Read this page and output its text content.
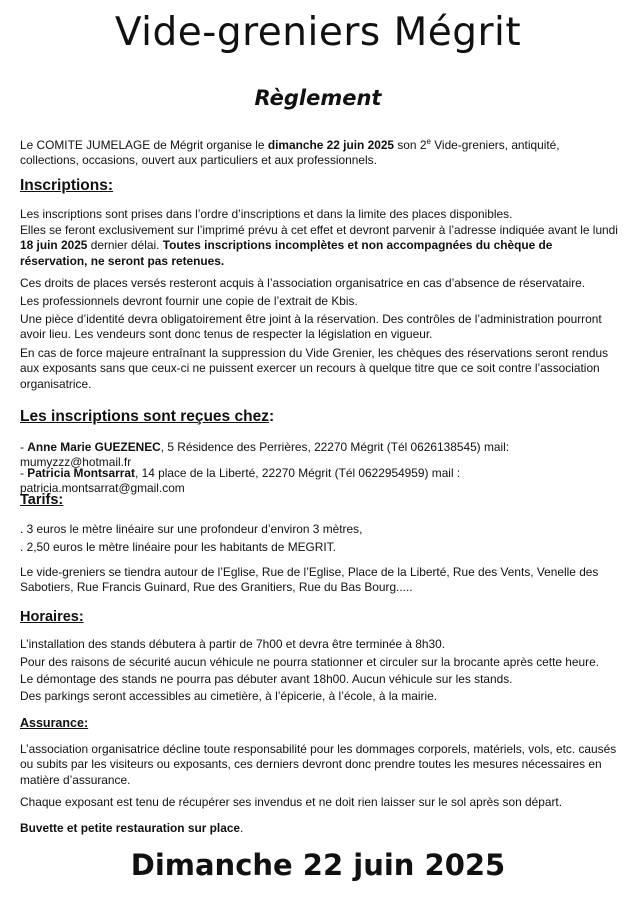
Vide-greniers Mégrit
Règlement

Le COMITE JUMELAGE de Mégrit organise le dimanche 22 juin 2025 son 2e Vide-greniers, antiquité, collections, occasions, ouvert aux particuliers et aux professionnels.

Inscriptions:

Les inscriptions sont prises dans l’ordre d’inscriptions et dans la limite des places disponibles.

Elles se feront exclusivement sur l’imprimé prévu à cet effet et devront parvenir à l’adresse indiquée avant le lundi 18 juin 2025 dernier délai. Toutes inscriptions incomplètes et non accompagnées du chèque de réservation, ne seront pas retenues.

Ces droits de places versés resteront acquis à l’association organisatrice en cas d’absence de réservataire.

Les professionnels devront fournir une copie de l’extrait de Kbis.

Une pièce d’identité devra obligatoirement être joint à la réservation. Des contrôles de l’administration pourront avoir lieu. Les vendeurs sont donc tenus de respecter la législation en vigueur.

En cas de force majeure entraînant la suppression du Vide Grenier, les chèques des réservations seront rendus aux exposants sans que ceux-ci ne puissent exercer un recours à quelque titre que ce soit contre l’association organisatrice.

Les inscriptions sont reçues chez:

- Anne Marie GUEZENEC, 5 Résidence des Perrières, 22270 Mégrit (Tél 0626138545) mail: mumyzzz@hotmail.fr

- Patricia Montsarrat, 14 place de la Liberté, 22270 Mégrit (Tél 0622954959) mail : patricia.montsarrat@gmail.com

Tarifs:

. 3 euros le mètre linéaire sur une profondeur d’environ 3 mètres,

. 2,50 euros le mètre linéaire pour les habitants de MEGRIT.

Le vide-greniers se tiendra autour de l’Eglise, Rue de l’Eglise, Place de la Liberté, Rue des Vents, Venelle des Sabotiers, Rue Francis Guinard, Rue des Granitiers, Rue du Bas Bourg.....

Horaires:

L’installation des stands débutera à partir de 7h00 et devra être terminée à 8h30.

Pour des raisons de sécurité aucun véhicule ne pourra stationner et circuler sur la brocante après cette heure.

Le démontage des stands ne pourra pas débuter avant 18h00. Aucun véhicule sur les stands.

Des parkings seront accessibles au cimetière, à l’épicerie, à l’école, à la mairie.

Assurance:

L’association organisatrice décline toute responsabilité pour les dommages corporels, matériels, vols, etc. causés ou subits par les visiteurs ou exposants, ces derniers devront donc prendre toutes les mesures nécessaires en matière d’assurance.

Chaque exposant est tenu de récupérer ses invendus et ne doit rien laisser sur le sol après son départ.

Buvette et petite restauration sur place.

Dimanche 22 juin 2025
